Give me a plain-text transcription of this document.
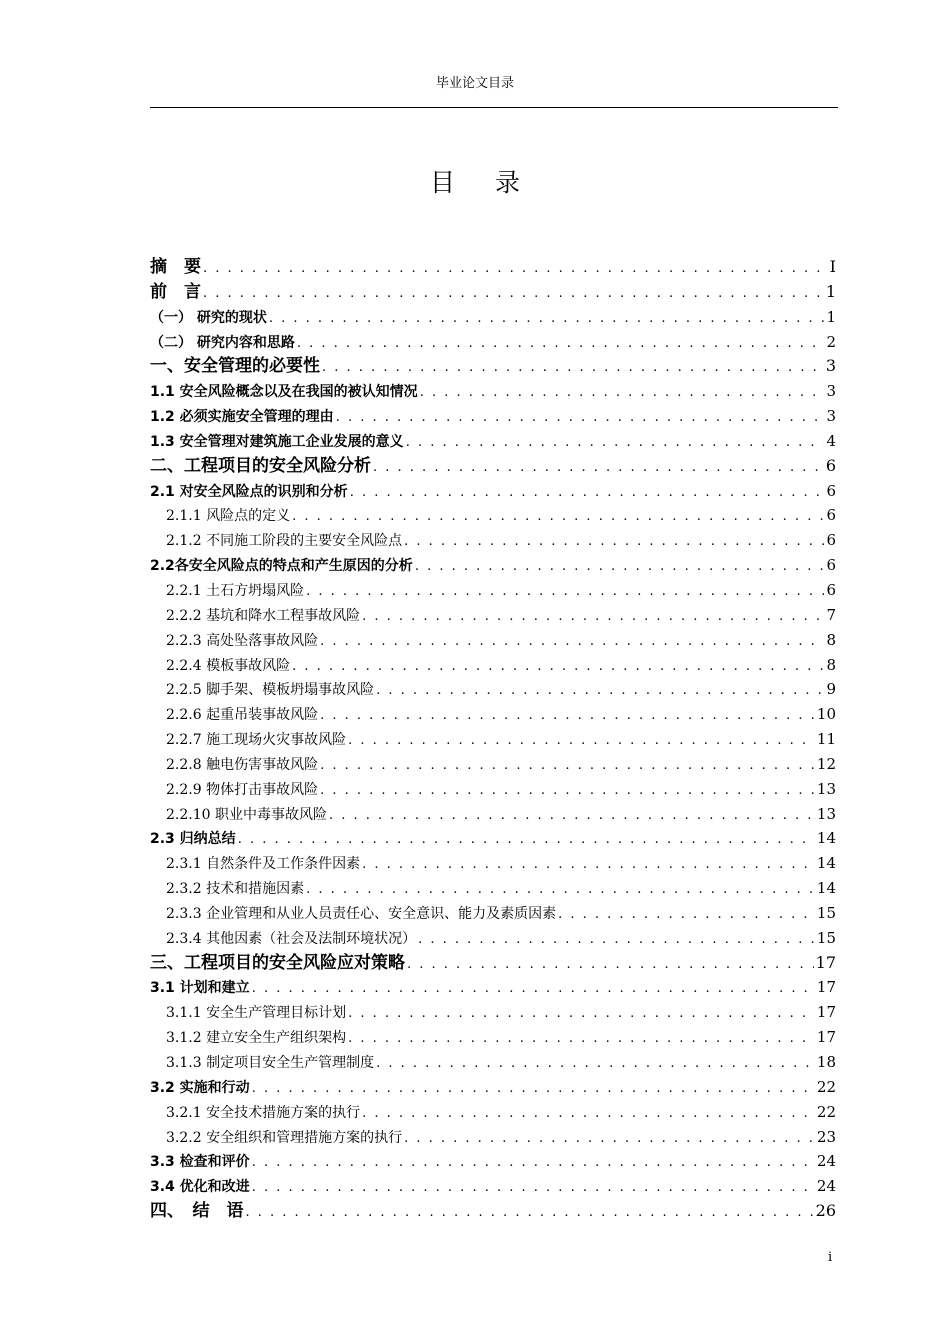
毕业论文目录
目 录
摘　要 . . .	I
前　言 . . .	1
（一） 研究的现状 . . .	1
（二） 研究内容和思路 . . .	2
一、安全管理的必要性 . . .	3
1.1 安全风险概念以及在我国的被认知情况 . . .	3
1.2 必须实施安全管理的理由 . . .	3
1.3 安全管理对建筑施工企业发展的意义 . . .	4
二、工程项目的安全风险分析 . . .	6
2.1 对安全风险点的识别和分析 . . .	6
2.1.1 风险点的定义 . . .	6
2.1.2 不同施工阶段的主要安全风险点 . . .	6
2.2各安全风险点的特点和产生原因的分析 . . .	6
2.2.1 土石方坍塌风险 . . .	6
2.2.2 基坑和降水工程事故风险 . . .	7
2.2.3 高处坠落事故风险 . . .	8
2.2.4 模板事故风险 . . .	8
2.2.5 脚手架、模板坍塌事故风险 . . .	9
2.2.6 起重吊装事故风险 . . .	10
2.2.7 施工现场火灾事故风险 . . .	11
2.2.8 触电伤害事故风险 . . .	12
2.2.9 物体打击事故风险 . . .	13
2.2.10 职业中毒事故风险 . . .	13
2.3 归纳总结 . . .	14
2.3.1 自然条件及工作条件因素 . . .	14
2.3.2 技术和措施因素 . . .	14
2.3.3 企业管理和从业人员责任心、安全意识、能力及素质因素 . . .	15
2.3.4 其他因素（社会及法制环境状况） . . .	15
三、工程项目的安全风险应对策略 . . .	17
3.1 计划和建立 . . .	17
3.1.1 安全生产管理目标计划 . . .	17
3.1.2 建立安全生产组织架构 . . .	17
3.1.3 制定项目安全生产管理制度 . . .	18
3.2 实施和行动 . . .	22
3.2.1 安全技术措施方案的执行 . . .	22
3.2.2 安全组织和管理措施方案的执行 . . .	23
3.3 检查和评价 . . .	24
3.4 优化和改进 . . .	24
四、　结　语 . . .	26
i
